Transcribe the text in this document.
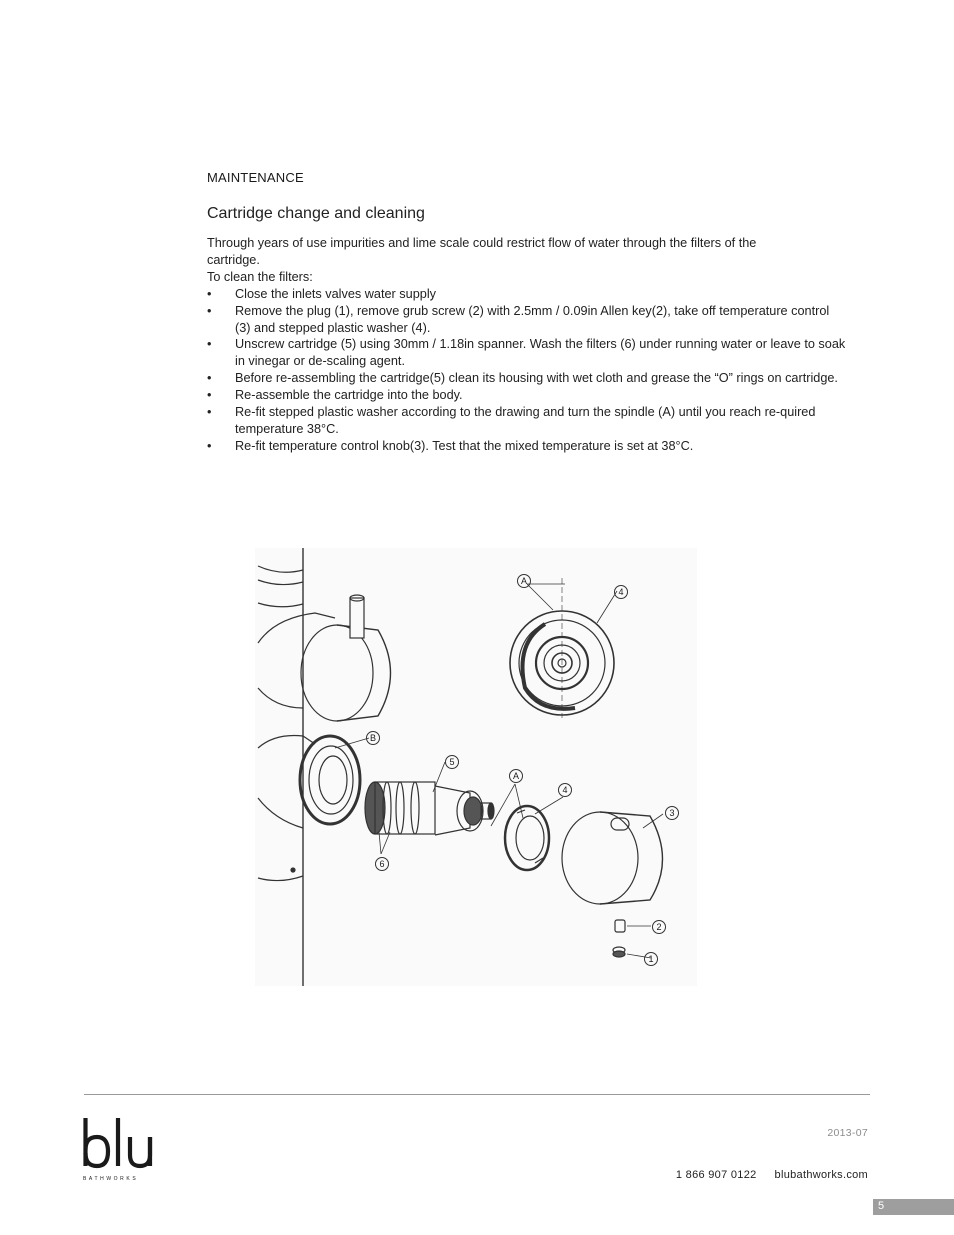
MAINTENANCE
Cartridge change and cleaning

Through years of use impurities and lime scale could restrict flow of water through the filters of the cartridge.

To clean the filters:

• Close the inlets valves water supply
• Remove the plug (1), remove grub screw (2) with 2.5mm / 0.09in Allen key(2), take off temperature control (3) and stepped plastic washer (4).
• Unscrew cartridge (5) using 30mm / 1.18in spanner. Wash the filters (6) under running water or leave to soak in vinegar or de-scaling agent.
• Before re-assembling the cartridge(5) clean its housing with wet cloth and grease the “O” rings on cartridge.
• Re-assemble the cartridge into the body.
• Re-fit stepped plastic washer according to the drawing and turn the spindle (A) until you reach re-quired temperature 38°C.
• Re-fit temperature control knob(3). Test that the mixed temperature is set at 38°C.
A
4
B
5
6
A
4
3
2
1
BATHWORKS
2013-07
1 866 907 0122 blubathworks.com
5
